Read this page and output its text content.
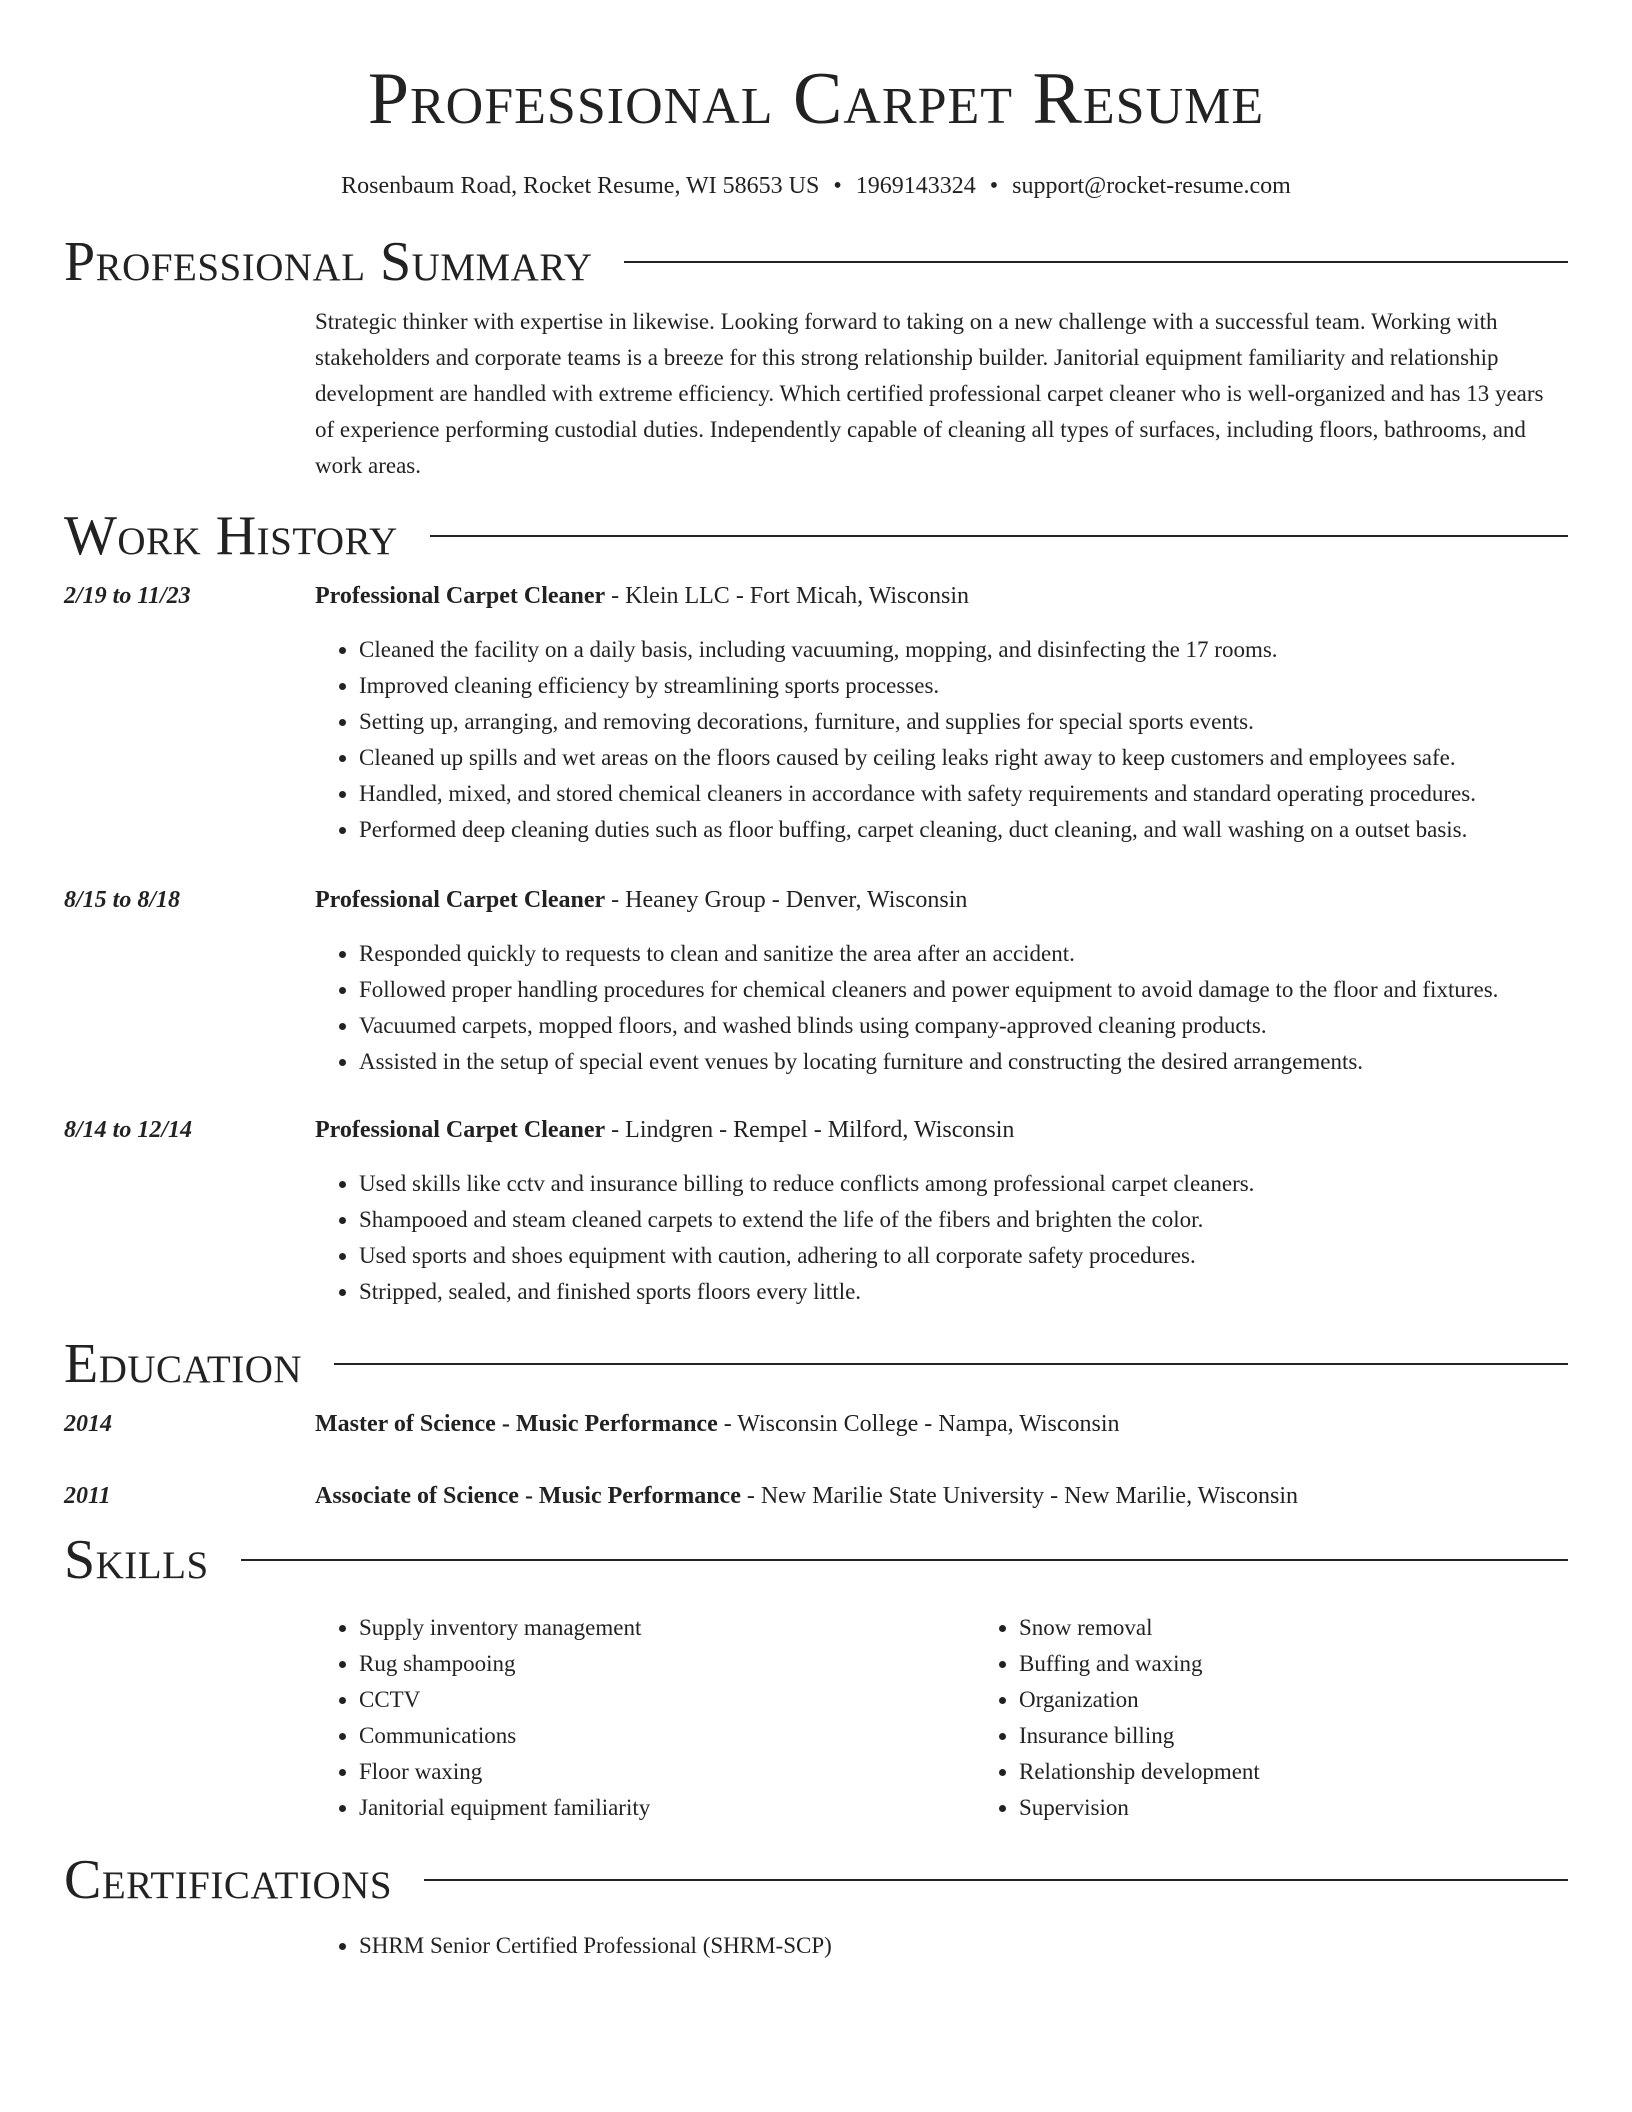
Professional Carpet Resume
Rosenbaum Road, Rocket Resume, WI 58653 US • 1969143324 • support@rocket-resume.com
Professional Summary
Strategic thinker with expertise in likewise. Looking forward to taking on a new challenge with a successful team. Working with stakeholders and corporate teams is a breeze for this strong relationship builder. Janitorial equipment familiarity and relationship development are handled with extreme efficiency. Which certified professional carpet cleaner who is well-organized and has 13 years of experience performing custodial duties. Independently capable of cleaning all types of surfaces, including floors, bathrooms, and work areas.
Work History
2/19 to 11/23	Professional Carpet Cleaner - Klein LLC - Fort Micah, Wisconsin
• Cleaned the facility on a daily basis, including vacuuming, mopping, and disinfecting the 17 rooms.
• Improved cleaning efficiency by streamlining sports processes.
• Setting up, arranging, and removing decorations, furniture, and supplies for special sports events.
• Cleaned up spills and wet areas on the floors caused by ceiling leaks right away to keep customers and employees safe.
• Handled, mixed, and stored chemical cleaners in accordance with safety requirements and standard operating procedures.
• Performed deep cleaning duties such as floor buffing, carpet cleaning, duct cleaning, and wall washing on a outset basis.
8/15 to 8/18	Professional Carpet Cleaner - Heaney Group - Denver, Wisconsin
• Responded quickly to requests to clean and sanitize the area after an accident.
• Followed proper handling procedures for chemical cleaners and power equipment to avoid damage to the floor and fixtures.
• Vacuumed carpets, mopped floors, and washed blinds using company-approved cleaning products.
• Assisted in the setup of special event venues by locating furniture and constructing the desired arrangements.
8/14 to 12/14	Professional Carpet Cleaner - Lindgren - Rempel - Milford, Wisconsin
• Used skills like cctv and insurance billing to reduce conflicts among professional carpet cleaners.
• Shampooed and steam cleaned carpets to extend the life of the fibers and brighten the color.
• Used sports and shoes equipment with caution, adhering to all corporate safety procedures.
• Stripped, sealed, and finished sports floors every little.
Education
2014	Master of Science - Music Performance - Wisconsin College - Nampa, Wisconsin
2011	Associate of Science - Music Performance - New Marilie State University - New Marilie, Wisconsin
Skills
• Supply inventory management
• Rug shampooing
• CCTV
• Communications
• Floor waxing
• Janitorial equipment familiarity
• Snow removal
• Buffing and waxing
• Organization
• Insurance billing
• Relationship development
• Supervision
Certifications
• SHRM Senior Certified Professional (SHRM-SCP)
